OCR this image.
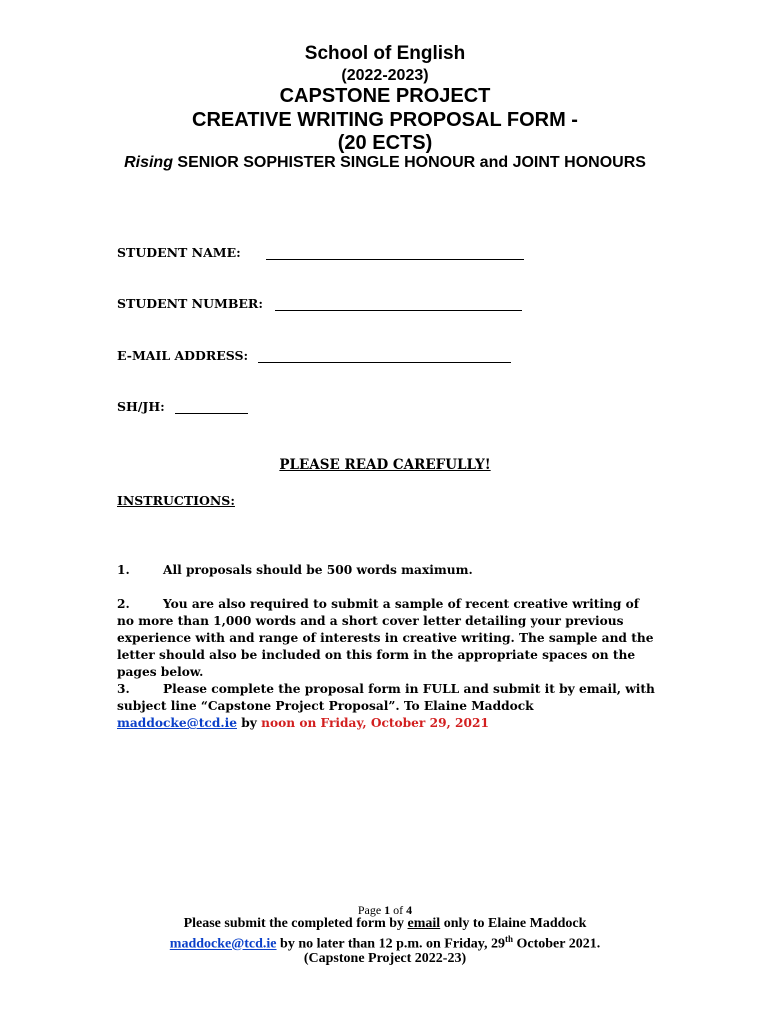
School of English
(2022-2023)
CAPSTONE PROJECT
CREATIVE WRITING PROPOSAL FORM -
(20 ECTS)
Rising SENIOR SOPHISTER SINGLE HONOUR and JOINT HONOURS
STUDENT NAME:
STUDENT NUMBER:
E-MAIL ADDRESS:
SH/JH:
PLEASE READ CAREFULLY!
INSTRUCTIONS:
1.	All proposals should be 500 words maximum.
2.	You are also required to submit a sample of recent creative writing of no more than 1,000 words and a short cover letter detailing your previous experience with and range of interests in creative writing. The sample and the letter should also be included on this form in the appropriate spaces on the pages below.
3.	Please complete the proposal form in FULL and submit it by email, with subject line “Capstone Project Proposal”. To Elaine Maddock
maddocke@tcd.ie by noon on Friday, October 29, 2021
Page 1 of 4
Please submit the completed form by email only to Elaine Maddock
maddocke@tcd.ie by no later than 12 p.m. on Friday, 29th October 2021.
(Capstone Project 2022-23)
